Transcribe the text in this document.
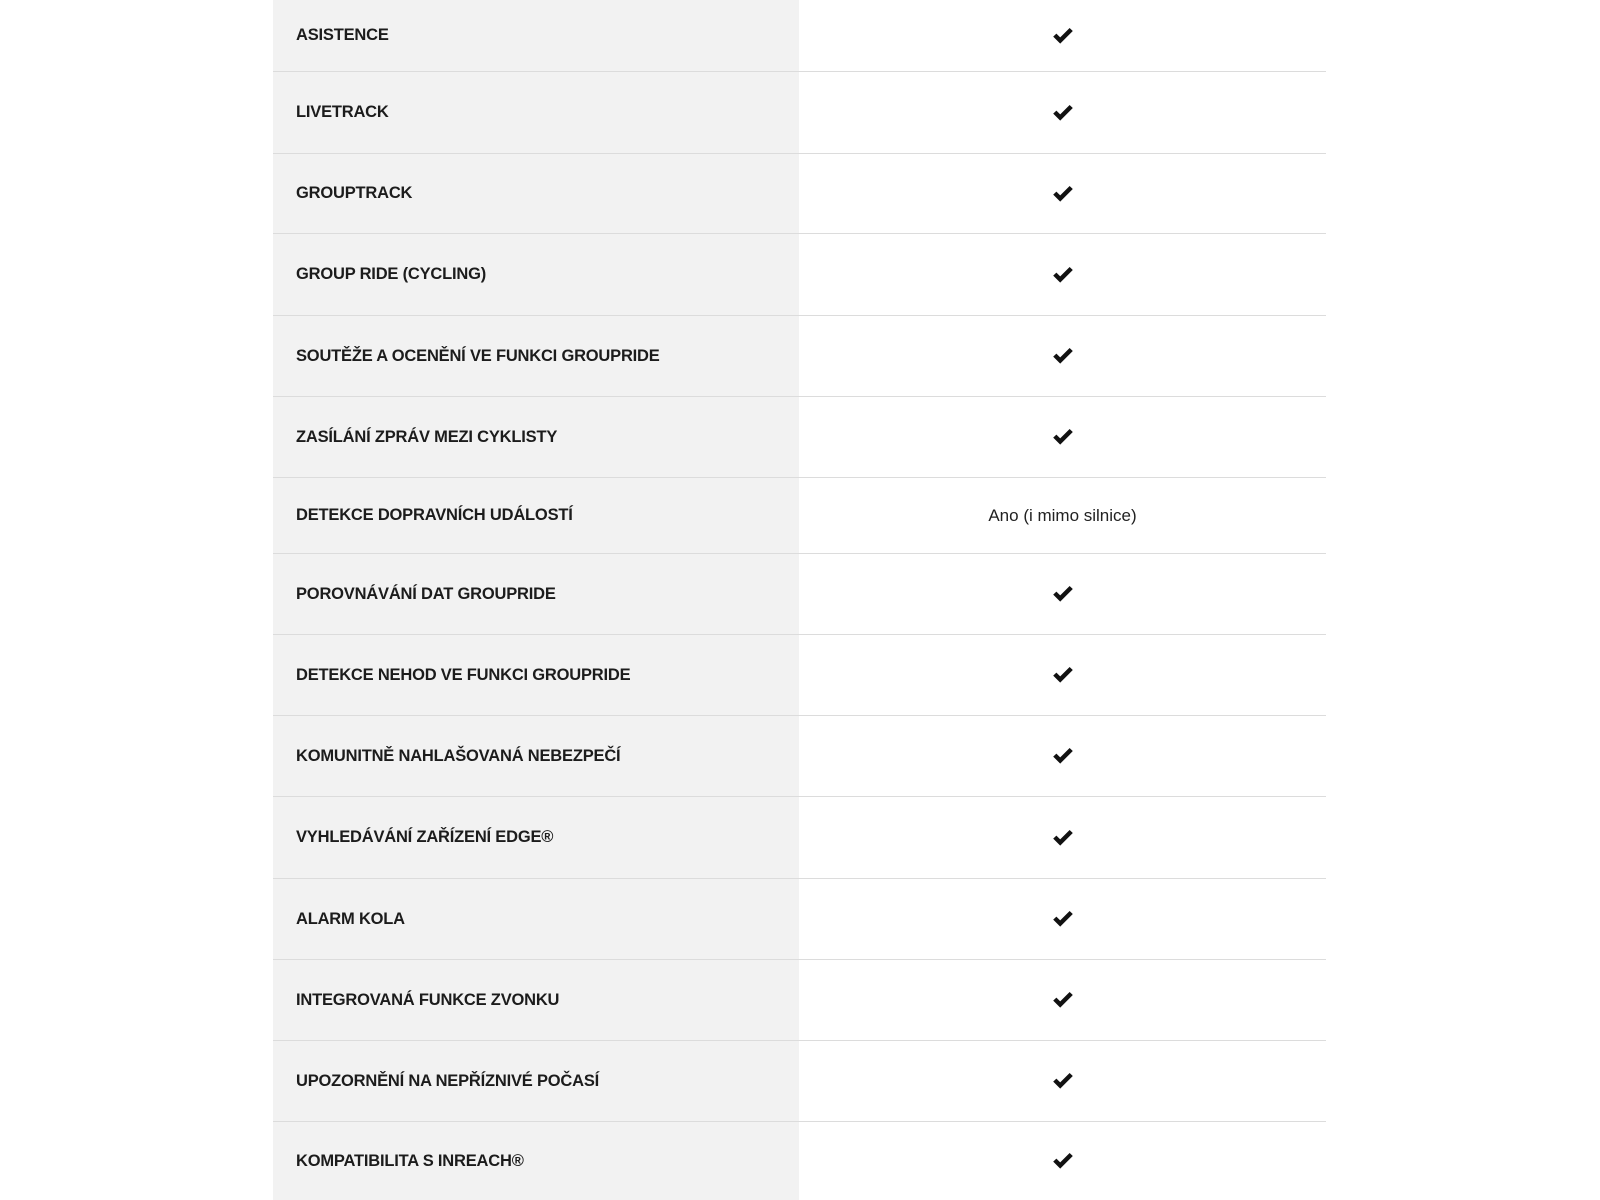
ASISTENCE
LIVETRACK
GROUPTRACK
GROUP RIDE (CYCLING)
SOUTĚŽE A OCENĚNÍ VE FUNKCI GROUPRIDE
ZASÍLÁNÍ ZPRÁV MEZI CYKLISTY
DETEKCE DOPRAVNÍCH UDÁLOSTÍ	Ano (i mimo silnice)
POROVNÁVÁNÍ DAT GROUPRIDE
DETEKCE NEHOD VE FUNKCI GROUPRIDE
KOMUNITNĚ NAHLAŠOVANÁ NEBEZPEČÍ
VYHLEDÁVÁNÍ ZAŘÍZENÍ EDGE®
ALARM KOLA
INTEGROVANÁ FUNKCE ZVONKU
UPOZORNĚNÍ NA NEPŘÍZNIVÉ POČASÍ
KOMPATIBILITA S INREACH®
